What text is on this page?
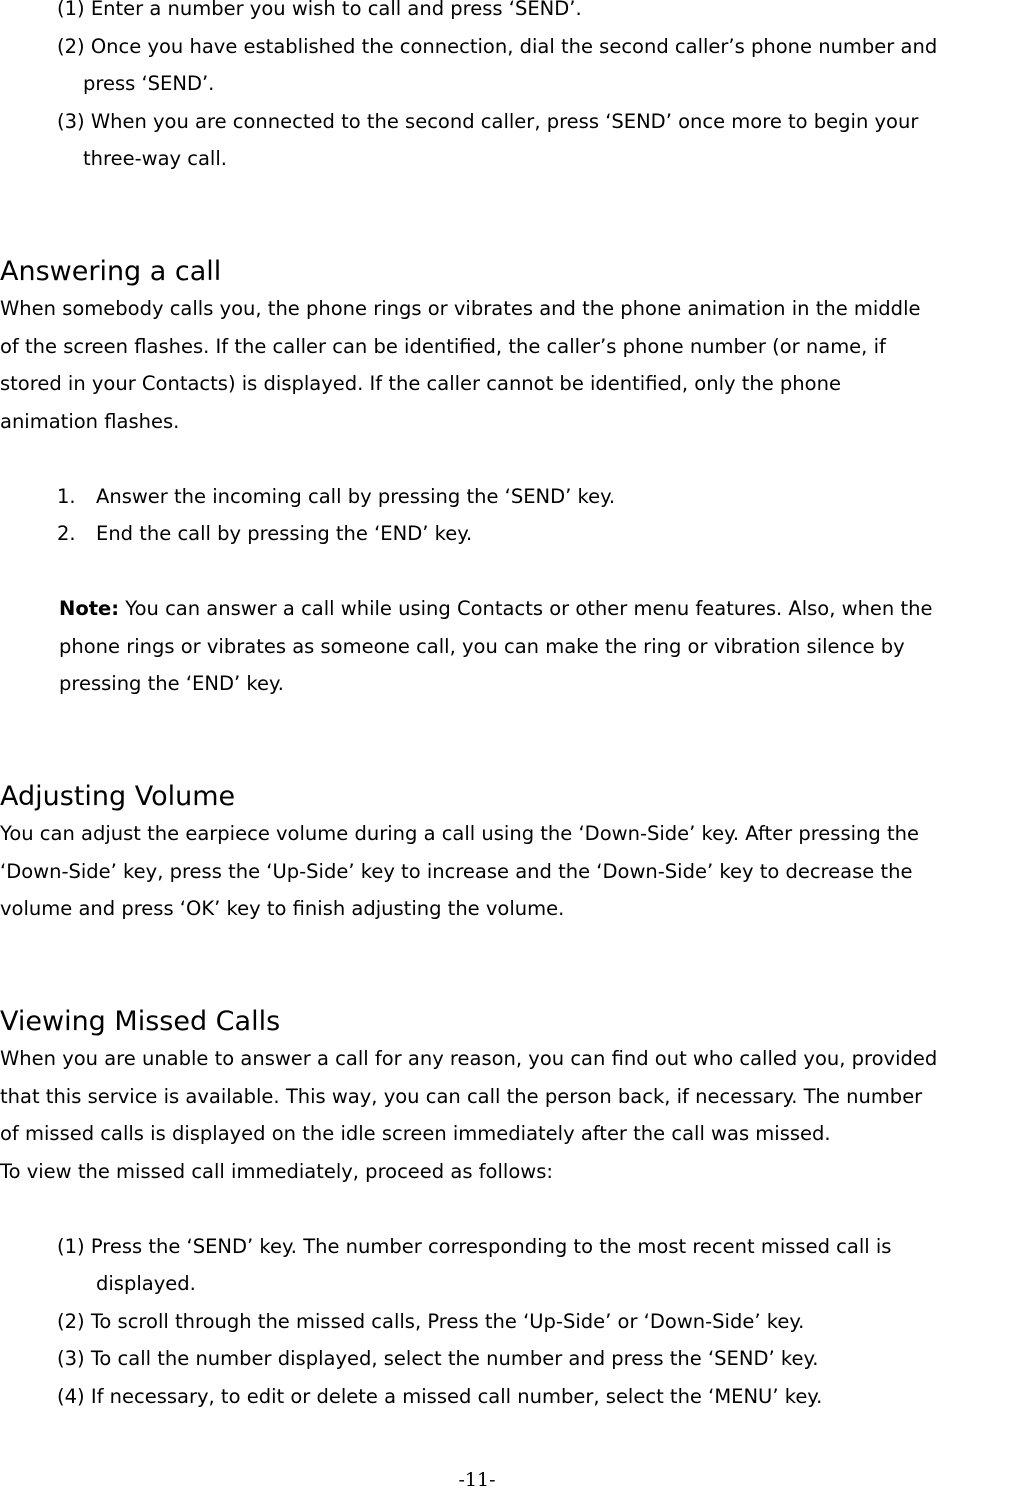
(1) Enter a number you wish to call and press ‘SEND’.
(2) Once you have established the connection, dial the second caller’s phone number and
press ‘SEND’.
(3) When you are connected to the second caller, press ‘SEND’ once more to begin your
three-way call.
Answering a call
When somebody calls you, the phone rings or vibrates and the phone animation in the middle
of the screen flashes. If the caller can be identified, the caller’s phone number (or name, if
stored in your Contacts) is displayed. If the caller cannot be identified, only the phone
animation flashes.
1. Answer the incoming call by pressing the ‘SEND’ key.
2. End the call by pressing the ‘END’ key.
Note: You can answer a call while using Contacts or other menu features. Also, when the
phone rings or vibrates as someone call, you can make the ring or vibration silence by
pressing the ‘END’ key.
Adjusting Volume
You can adjust the earpiece volume during a call using the ‘Down-Side’ key. After pressing the
‘Down-Side’ key, press the ‘Up-Side’ key to increase and the ‘Down-Side’ key to decrease the
volume and press ‘OK’ key to finish adjusting the volume.
Viewing Missed Calls
When you are unable to answer a call for any reason, you can find out who called you, provided
that this service is available. This way, you can call the person back, if necessary. The number
of missed calls is displayed on the idle screen immediately after the call was missed.
To view the missed call immediately, proceed as follows:
(1) Press the ‘SEND’ key. The number corresponding to the most recent missed call is
displayed.
(2) To scroll through the missed calls, Press the ‘Up-Side’ or ‘Down-Side’ key.
(3) To call the number displayed, select the number and press the ‘SEND’ key.
(4) If necessary, to edit or delete a missed call number, select the ‘MENU’ key.
-11-
